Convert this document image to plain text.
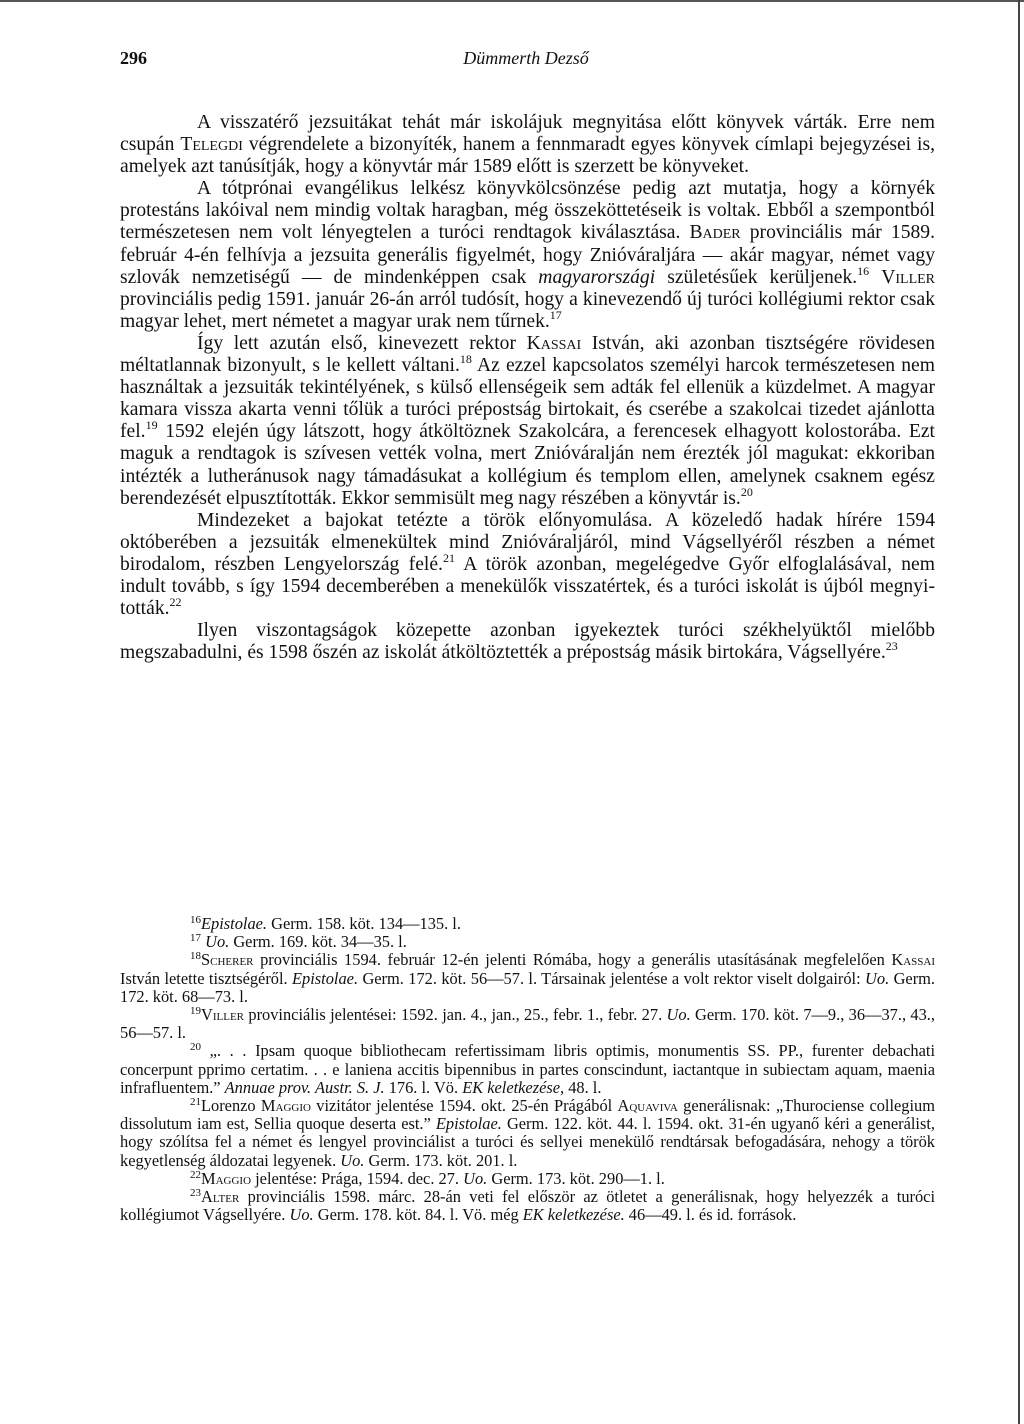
296	Dümmerth Dezső

A visszatérő jezsuitákat tehát már iskolájuk megnyitása előtt könyvek várták. Erre nem csupán Telegdi végrendelete a bizonyíték, hanem a fennmaradt egyes könyvek címlapi bejegyzései is, amelyek azt tanúsítják, hogy a könyvtár már 1589 előtt is szerzett be könyveket.

A tótprónai evangélikus lelkész könyvkölcsönzése pedig azt mutatja, hogy a környék protestáns lakóival nem mindig voltak haragban, még összeköttetéseik is voltak. Ebből a szempontból természetesen nem volt lényegtelen a turóci rendtagok kiválasztása. Bader provinciális már 1589. február 4-én felhívja a jezsuita generális figyelmét, hogy Znióváraljára — akár magyar, német vagy szlovák nemzetiségű — de mindenképpen csak magyarországi születésűek kerüljenek.$^{16}$ Viller provinciális pedig 1591. január 26-án arról tudósít, hogy a kinevezendő új turóci kollégiumi rektor csak magyar lehet, mert németet a magyar urak nem tűrnek.$^{17}$

Így lett azután első, kinevezett rektor Kassai István, aki azonban tisztségére rövidesen méltatlannak bizonyult, s le kellett váltani.$^{18}$ Az ezzel kapcsolatos személyi harcok természetesen nem használtak a jezsuiták tekintélyének, s külső ellenségeik sem adták fel ellenük a küzdelmet. A magyar kamara vissza akarta venni tőlük a turóci prépostság birtokait, és cserébe a szakolcai tizedet ajánlotta fel.$^{19}$ 1592 elején úgy látszott, hogy átköltöznek Szakolcára, a ferencesek elhagyott kolostorába. Ezt maguk a rendtagok is szívesen vették volna, mert Znióváralján nem érezték jól magukat: ekkoriban intézték a lutheránusok nagy támadásukat a kollégium és templom ellen, amelynek csaknem egész berendezését elpusztították. Ekkor semmisült meg nagy részében a könyvtár is.$^{20}$

Mindezeket a bajokat tetézte a török előnyomulása. A közeledő hadak hírére 1594 októberében a jezsuiták elmenekültek mind Znióváraljáról, mind Vágsellyéről részben a német birodalom, részben Lengyelország felé.$^{21}$ A török azonban, megelégedve Győr elfoglalásával, nem indult tovább, s így 1594 decemberében a menekülők visszatértek, és a turóci iskolát is újból megnyitották.$^{22}$

Ilyen viszontagságok közepette azonban igyekeztek turóci székhelyüktől mielőbb megszabadulni, és 1598 őszén az iskolát átköltöztették a prépostság másik birtokára, Vágsellyére.$^{23}$

$^{16}$Epistolae. Germ. 158. köt. 134—135. l.

$^{17}$ Uo. Germ. 169. köt. 34—35. l.

$^{18}$Scherer provinciális 1594. február 12-én jelenti Rómába, hogy a generális utasításának megfelelően Kassai István letette tisztségéről. Epistolae. Germ. 172. köt. 56—57. l. Társainak jelentése a volt rektor viselt dolgairól: Uo. Germ. 172. köt. 68—73. l.

$^{19}$Viller provinciális jelentései: 1592. jan. 4., jan., 25., febr. 1., febr. 27. Uo. Germ. 170. köt. 7—9., 36—37., 43., 56—57. l.

$^{20}$ „. . . Ipsam quoque bibliothecam refertissimam libris optimis, monumentis SS. PP., furenter debachati concerpunt pprimo certatim. . . e laniena accitis bipennibus in partes conscindunt, iactantque in subiectam aquam, maenia infrafluentem.” Annuae prov. Austr. S. J. 176. l. Vö. EK keletkezése, 48. l.

$^{21}$Lorenzo Maggio vizitátor jelentése 1594. okt. 25-én Prágából Aquaviva generálisnak: „Thurociense collegium dissolutum iam est, Sellia quoque deserta est.” Epistolae. Germ. 122. köt. 44. l. 1594. okt. 31-én ugyanő kéri a generálist, hogy szólítsa fel a német és lengyel provinciálist a turóci és sellyei menekülő rendtársak befogadására, nehogy a török kegyetlenség áldozatai legyenek. Uo. Germ. 173. köt. 201. l.

$^{22}$Maggio jelentése: Prága, 1594. dec. 27. Uo. Germ. 173. köt. 290—1. l.

$^{23}$Alter provinciális 1598. márc. 28-án veti fel először az ötletet a generálisnak, hogy helyezzék a turóci kollégiumot Vágsellyére. Uo. Germ. 178. köt. 84. l. Vö. még EK keletkezése. 46—49. l. és id. források.
